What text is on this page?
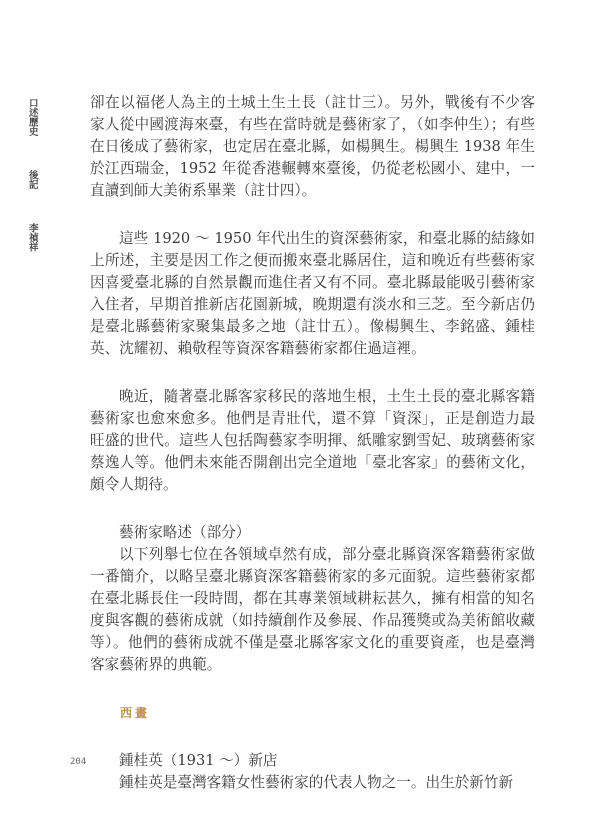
口述歷史
後記
李禎祥

卻在以福佬人為主的土城土生土長（註廿三）。另外，戰後有不少客家人從中國渡海來臺，有些在當時就是藝術家了，（如李仲生）；有些在日後成了藝術家，也定居在臺北縣，如楊興生。楊興生 1938 年生於江西瑞金，1952 年從香港輾轉來臺後，仍從老松國小、建中，一直讀到師大美術系畢業（註廿四）。

這些 1920 ～ 1950 年代出生的資深藝術家，和臺北縣的結緣如上所述，主要是因工作之便而搬來臺北縣居住，這和晚近有些藝術家因喜愛臺北縣的自然景觀而進住者又有不同。臺北縣最能吸引藝術家入住者，早期首推新店花園新城，晚期還有淡水和三芝。至今新店仍是臺北縣藝術家聚集最多之地（註廿五）。像楊興生、李銘盛、鍾桂英、沈耀初、賴敬程等資深客籍藝術家都住過這裡。

晚近，隨著臺北縣客家移民的落地生根，土生土長的臺北縣客籍藝術家也愈來愈多。他們是青壯代，還不算「資深」，正是創造力最旺盛的世代。這些人包括陶藝家李明揮、紙雕家劉雪妃、玻璃藝術家蔡逸人等。他們未來能否開創出完全道地「臺北客家」的藝術文化，頗令人期待。

藝術家略述（部分）

以下列舉七位在各領域卓然有成，部分臺北縣資深客籍藝術家做一番簡介，以略呈臺北縣資深客籍藝術家的多元面貌。這些藝術家都在臺北縣長住一段時間，都在其專業領域耕耘甚久，擁有相當的知名度與客觀的藝術成就（如持續創作及參展、作品獲獎或為美術館收藏等）。他們的藝術成就不僅是臺北縣客家文化的重要資產，也是臺灣客家藝術界的典範。

西畫
鍾桂英（1931 ～）新店

鍾桂英是臺灣客籍女性藝術家的代表人物之一。出生於新竹新

204
